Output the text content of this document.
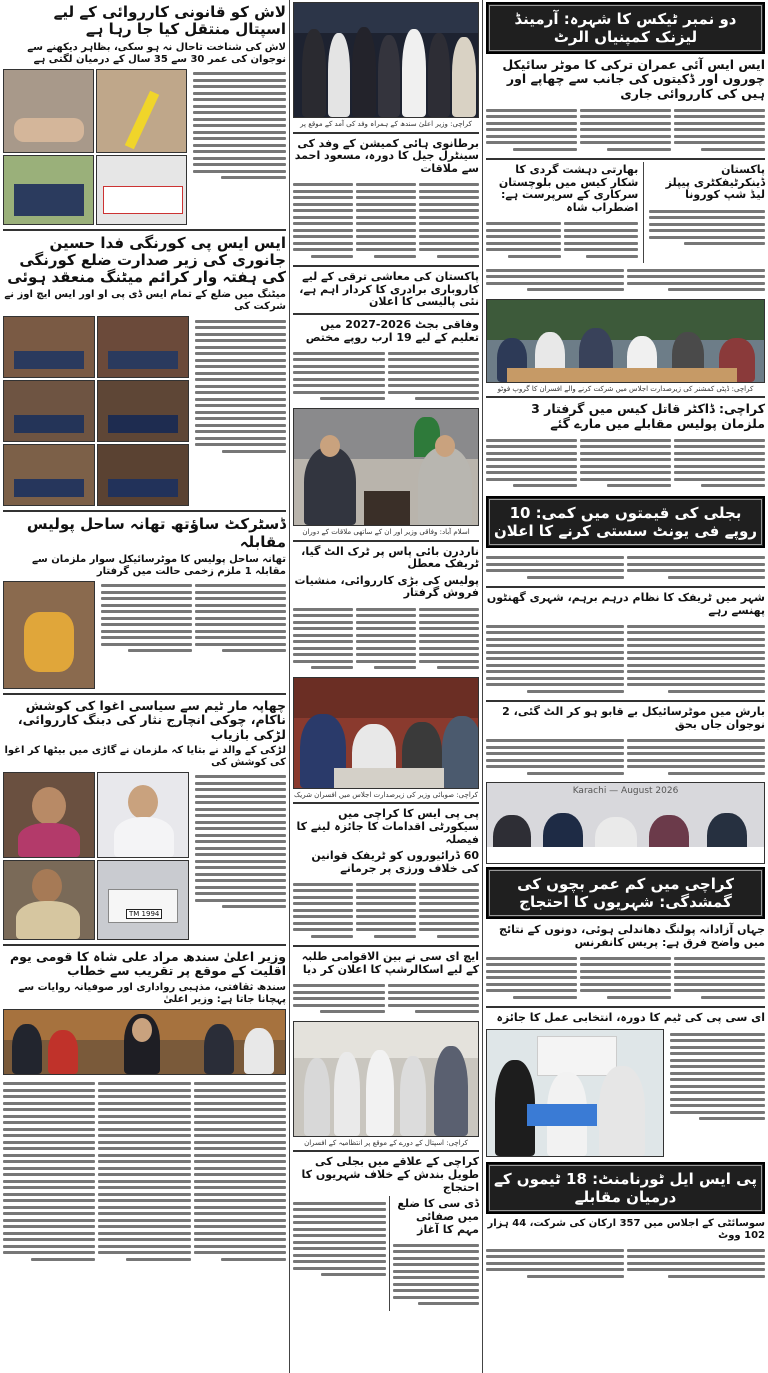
دو نمبر ٹیکس کا شہرہ: آرمینڈ لیزنک کمپنیاں الرٹ
ایس ایس آئی عمران ترکی کا موٹر سائیکل چوروں اور ڈکیتوں کی جانب سے چھاپے اور ہیں کی کارروائی جاری
پاکستان ڈینکرٹیفکٹری پیپلز لیڈ شپ کورونا
بھارتی دہشت گردی کا شکار کیس میں بلوچستان سرکاری کے سرپرست ہے: اضطراب شاہ
کراچی: ڈپٹی کمشنر کی زیرصدارت اجلاس میں شرکت کرنے والے افسران کا گروپ فوٹو
کراچی: ڈاکٹر قاتل کیس میں گرفتار 3 ملزمان پولیس مقابلے میں مارے گئے
بجلی کی قیمتوں میں کمی: 10 روپے فی یونٹ سستی کرنے کا اعلان
شہر میں ٹریفک کا نظام درہم برہم، شہری گھنٹوں پھنسے رہے
بارش میں موٹرسائیکل بے قابو ہو کر الٹ گئی، 2 نوجوان جاں بحق
Karachi — August 2026
کراچی میں کم عمر بچوں کی گمشدگی: شہریوں کا احتجاج
جہاں آزادانہ پولنگ دھاندلی ہوئی، دونوں کے نتائج میں واضح فرق ہے: پریس کانفرنس
ای سی پی کی ٹیم کا دورہ، انتخابی عمل کا جائزہ
پی ایس ایل ٹورنامنٹ: 18 ٹیموں کے درمیان مقابلے
سوسائٹی کے اجلاس میں 357 ارکان کی شرکت، 44 ہزار 102 ووٹ
کراچی: وزیر اعلیٰ سندھ کے ہمراہ وفد کی آمد کے موقع پر
برطانوی ہائی کمیشن کے وفد کی سینٹرل جیل کا دورہ، مسعود احمد سے ملاقات
پاکستان کی معاشی ترقی کے لیے کاروباری برادری کا کردار اہم ہے، نئی پالیسی کا اعلان
وفاقی بجٹ 2026-2027 میں تعلیم کے لیے 19 ارب روپے مختص
اسلام آباد: وفاقی وزیر اور ان کے ساتھی ملاقات کے دوران
ناردرن بائی پاس پر ٹرک الٹ گیا، ٹریفک معطل
پولیس کی بڑی کارروائی، منشیات فروش گرفتار
کراچی: صوبائی وزیر کی زیرصدارت اجلاس میں افسران شریک
پی پی ایس کا کراچی میں سیکورٹی اقدامات کا جائزہ لینے کا فیصلہ
60 ڈرائیوروں کو ٹریفک قوانین کی خلاف ورزی پر جرمانے
ایچ ای سی نے بین الاقوامی طلبہ کے لیے اسکالرشپ کا اعلان کر دیا
کراچی: اسپتال کے دورے کے موقع پر انتظامیہ کے افسران
کراچی کے علاقے میں بجلی کی طویل بندش کے خلاف شہریوں کا احتجاج
ڈی سی کا ضلع میں صفائی مہم کا آغاز
لاش کو قانونی کارروائی کے لیے اسپتال منتقل کیا جا رہا ہے
لاش کی شناخت تاحال نہ ہو سکی، بظاہر دیکھنے سے نوجوان کی عمر 30 سے 35 سال کے درمیان لگتی ہے
ایس ایس پی کورنگی فدا حسین جانوری کی زیر صدارت ضلع کورنگی کی ہفتہ وار کرائم میٹنگ منعقد ہوئی
میٹنگ میں ضلع کے تمام ایس ڈی پی او اور ایس ایچ اوز نے شرکت کی
ڈسٹرکٹ ساؤتھ تھانہ ساحل پولیس مقابلہ
تھانہ ساحل پولیس کا موٹرسائیکل سوار ملزمان سے مقابلہ 1 ملزم زخمی حالت میں گرفتار
چھاپہ مار ٹیم سے سیاسی اغوا کی کوشش ناکام، چوکی انچارج نثار کی دبنگ کارروائی، لڑکی بازیاب
لڑکی کے والد نے بتایا کہ ملزمان نے گاڑی میں بیٹھا کر اغوا کی کوشش کی
TM 1994
وزیر اعلیٰ سندھ مراد علی شاہ کا قومی یوم اقلیت کے موقع پر تقریب سے خطاب
سندھ ثقافتی، مذہبی رواداری اور صوفیانہ روایات سے پہچانا جاتا ہے: وزیر اعلیٰ
